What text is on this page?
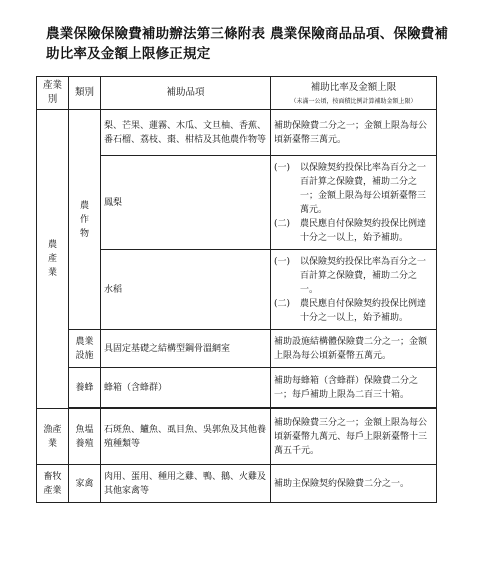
農業保險保險費補助辦法第三條附表 農業保險商品品項、保險費補助比率及金額上限修正規定
產業別	類別	補助品項	補助比率及金額上限
（未滿一公頃，按面積比例計算補助金額上限）

農產業	農作物	梨、芒果、蓮霧、木瓜、文旦柚、香蕉、番石榴、荔枝、棗、柑桔及其他農作物等	補助保險費二分之一；金額上限為每公頃新臺幣三萬元。
		鳳梨	(一) 以保險契約投保比率為百分之一百計算之保險費，補助二分之一；金額上限為每公頃新臺幣三萬元。
(二) 農民應自付保險契約投保比例達十分之一以上，始予補助。

		水稻	(一) 以保險契約投保比率為百分之一百計算之保險費，補助二分之一。
(二) 農民應自付保險契約投保比例達十分之一以上，始予補助。

	農業設施	具固定基礎之結構型鋼骨溫網室	補助設施結構體保險費二分之一；金額上限為每公頃新臺幣五萬元。
	養蜂	蜂箱（含蜂群）	補助每蜂箱（含蜂群）保險費二分之一；每戶補助上限為二百三十箱。

漁產業	魚塭養殖	石斑魚、鱸魚、虱目魚、吳郭魚及其他養殖種類等	補助保險費三分之一；金額上限為每公頃新臺幣九萬元、每戶上限新臺幣十三萬五千元。

畜牧產業	家禽	肉用、蛋用、種用之雞、鴨、鵝、火雞及其他家禽等	補助主保險契約保險費二分之一。
